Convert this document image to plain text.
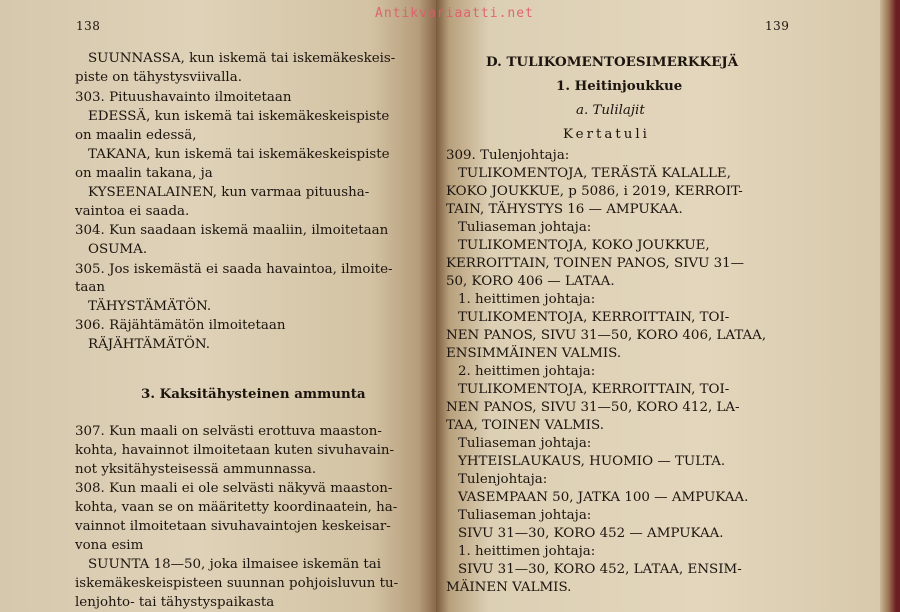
138
SUUNNASSA, kun iskemä tai iskemäkeskeis-
piste on tähystysviivalla.
303. Pituushavainto ilmoitetaan
EDESSÄ, kun iskemä tai iskemäkeskeispiste
on maalin edessä,
TAKANA, kun iskemä tai iskemäkeskeispiste
on maalin takana, ja
KYSEENALAINEN, kun varmaa pituusha-
vaintoa ei saada.
304. Kun saadaan iskemä maaliin, ilmoitetaan
OSUMA.
305. Jos iskemästä ei saada havaintoa, ilmoite-
taan
TÄHYSTÄMÄTÖN.
306. Räjähtämätön ilmoitetaan
RÄJÄHTÄMÄTÖN.
3. Kaksitähysteinen ammunta
307. Kun maali on selvästi erottuva maaston-
kohta, havainnot ilmoitetaan kuten sivuhavain-
not yksitähysteisessä ammunnassa.
308. Kun maali ei ole selvästi näkyvä maaston-
kohta, vaan se on määritetty koordinaatein, ha-
vainnot ilmoitetaan sivuhavaintojen keskeisar-
vona esim
SUUNTA 18—50, joka ilmaisee iskemän tai
iskemäkeskeispisteen suunnan pohjoisluvun tu-
lenjohto- tai tähystyspaikasta
139
D. TULIKOMENTOESIMERKKEJÄ
1. Heitinjoukkue
a. Tulilajit
Kertatuli
309. Tulenjohtaja:
TULIKOMENTOJA, TERÄSTÄ KALALLE,
KOKO JOUKKUE, p 5086, i 2019, KERROIT-
TAIN, TÄHYSTYS 16 — AMPUKAA.
Tuliaseman johtaja:
TULIKOMENTOJA, KOKO JOUKKUE,
KERROITTAIN, TOINEN PANOS, SIVU 31—
50, KORO 406 — LATAA.
1. heittimen johtaja:
TULIKOMENTOJA, KERROITTAIN, TOI-
NEN PANOS, SIVU 31—50, KORO 406, LATAA,
ENSIMMÄINEN VALMIS.
2. heittimen johtaja:
TULIKOMENTOJA, KERROITTAIN, TOI-
NEN PANOS, SIVU 31—50, KORO 412, LA-
TAA, TOINEN VALMIS.
Tuliaseman johtaja:
YHTEISLAUKAUS, HUOMIO — TULTA.
Tulenjohtaja:
VASEMPAAN 50, JATKA 100 — AMPUKAA.
Tuliaseman johtaja:
SIVU 31—30, KORO 452 — AMPUKAA.
1. heittimen johtaja:
SIVU 31—30, KORO 452, LATAA, ENSIM-
MÄINEN VALMIS.
Antikvariaatti.net
